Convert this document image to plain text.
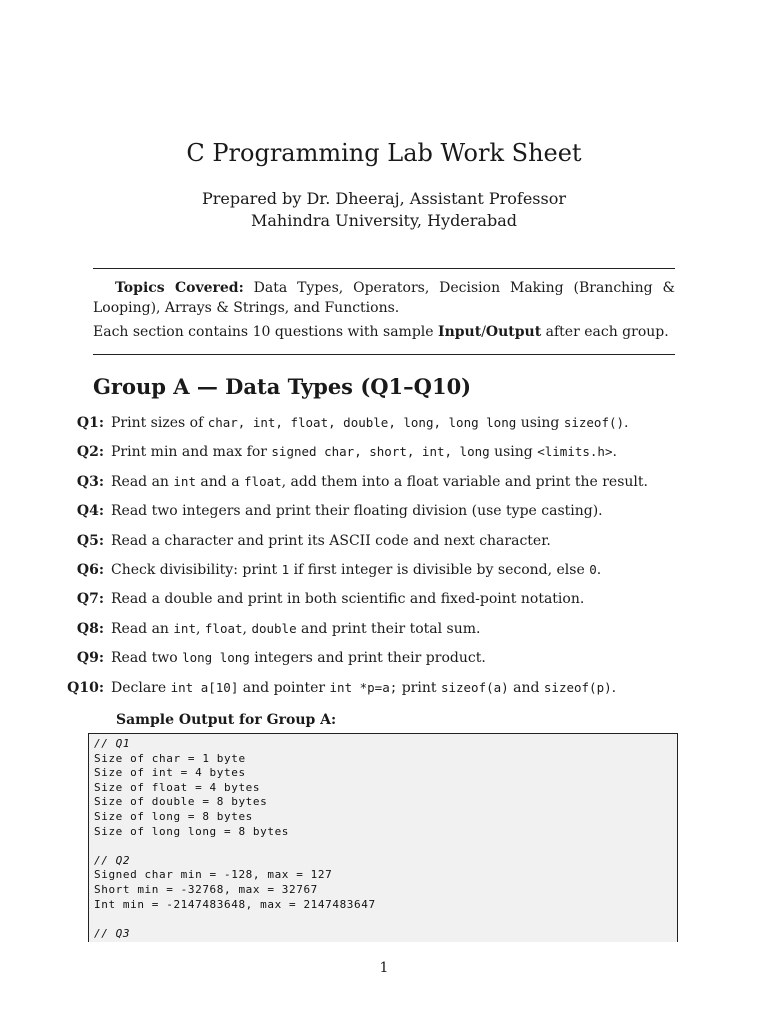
C Programming Lab Work Sheet
Prepared by Dr. Dheeraj, Assistant Professor
Mahindra University, Hyderabad

Topics Covered: Data Types, Operators, Decision Making (Branching & Looping), Arrays & Strings, and Functions.

Each section contains 10 questions with sample Input/Output after each group.

Group A — Data Types (Q1–Q10)
Q1: Print sizes of char, int, float, double, long, long long using sizeof().
Q2: Print min and max for signed char, short, int, long using <limits.h>.
Q3: Read an int and a float, add them into a float variable and print the result.
Q4: Read two integers and print their floating division (use type casting).
Q5: Read a character and print its ASCII code and next character.
Q6: Check divisibility: print 1 if first integer is divisible by second, else 0.
Q7: Read a double and print in both scientific and fixed-point notation.
Q8: Read an int, float, double and print their total sum.
Q9: Read two long long integers and print their product.
Q10: Declare int a[10] and pointer int *p=a; print sizeof(a) and sizeof(p).
Sample Output for Group A:
// Q1
Size of char = 1 byte
Size of int = 4 bytes
Size of float = 4 bytes
Size of double = 8 bytes
Size of long = 8 bytes
Size of long long = 8 bytes
// Q2
Signed char min = -128, max = 127
Short min = -32768, max = 32767
Int min = -2147483648, max = 2147483647
// Q3
1
